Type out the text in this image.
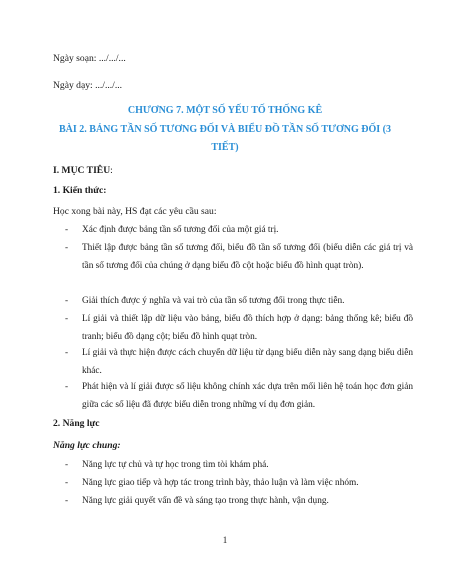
Ngày soạn: .../.../...
Ngày dạy: .../.../...
CHƯƠNG 7. MỘT SỐ YẾU TỐ THỐNG KÊ
BÀI 2. BẢNG TẦN SỐ TƯƠNG ĐỐI VÀ BIỂU ĐỒ TẦN SỐ TƯƠNG ĐỐI (3
TIẾT)
I. MỤC TIÊU:
1. Kiến thức:
Học xong bài này, HS đạt các yêu cầu sau:
- Xác định được bảng tần số tương đối của một giá trị.
- Thiết lập được bảng tần số tương đối, biểu đồ tần số tương đối (biểu diễn các giá trị và tần số tương đối của chúng ở dạng biểu đồ cột hoặc biểu đồ hình quạt tròn).
- Giải thích được ý nghĩa và vai trò của tần số tương đối trong thực tiễn.
- Lí giải và thiết lập dữ liệu vào bảng, biểu đồ thích hợp ở dạng: bảng thống kê; biểu đồ tranh; biểu đồ dạng cột; biểu đồ hình quạt tròn.
- Lí giải và thực hiện được cách chuyển dữ liệu từ dạng biểu diễn này sang dạng biểu diễn khác.
- Phát hiện và lí giải được số liệu không chính xác dựa trên mối liên hệ toán học đơn giản giữa các số liệu đã được biểu diễn trong những ví dụ đơn giản.
2. Năng lực
Năng lực chung:
- Năng lực tự chủ và tự học trong tìm tòi khám phá.
- Năng lực giao tiếp và hợp tác trong trình bày, thảo luận và làm việc nhóm.
- Năng lực giải quyết vấn đề và sáng tạo trong thực hành, vận dụng.
1
